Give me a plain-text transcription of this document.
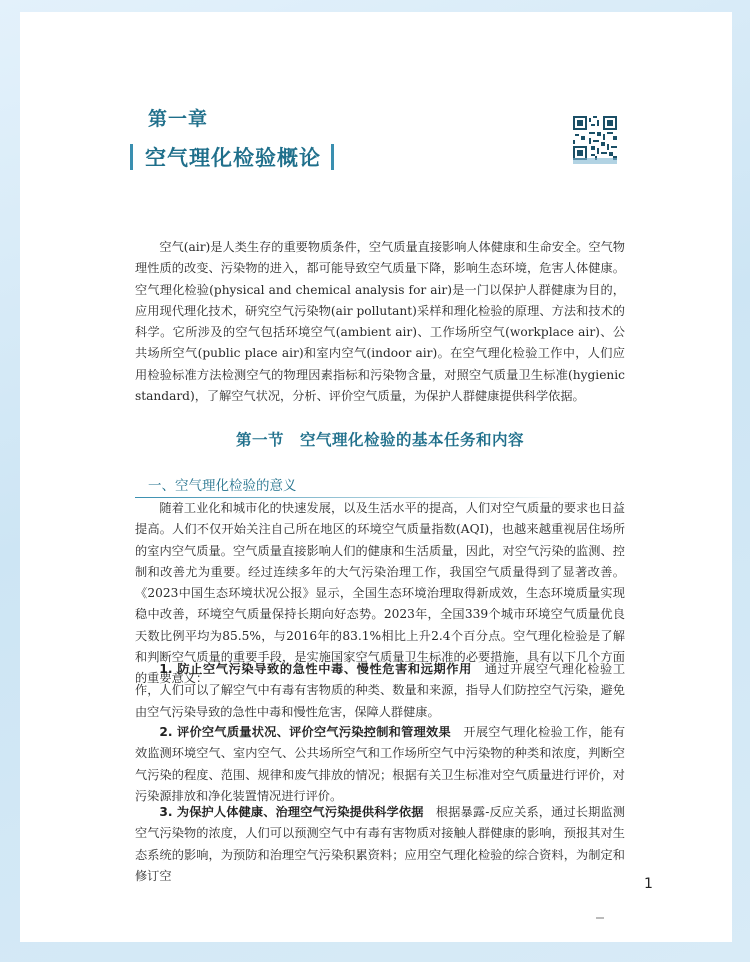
第一章
空气理化检验概论

空气(air)是人类生存的重要物质条件，空气质量直接影响人体健康和生命安全。空气物理性质的改变、污染物的进入，都可能导致空气质量下降，影响生态环境，危害人体健康。空气理化检验(physical and chemical analysis for air)是一门以保护人群健康为目的，应用现代理化技术，研究空气污染物(air pollutant)采样和理化检验的原理、方法和技术的科学。它所涉及的空气包括环境空气(ambient air)、工作场所空气(workplace air)、公共场所空气(public place air)和室内空气(indoor air)。在空气理化检验工作中，人们应用检验标准方法检测空气的物理因素指标和污染物含量，对照空气质量卫生标准(hygienic standard)，了解空气状况，分析、评价空气质量，为保护人群健康提供科学依据。

第一节　空气理化检验的基本任务和内容
一、空气理化检验的意义

随着工业化和城市化的快速发展，以及生活水平的提高，人们对空气质量的要求也日益提高。人们不仅开始关注自己所在地区的环境空气质量指数(AQI)，也越来越重视居住场所的室内空气质量。空气质量直接影响人们的健康和生活质量，因此，对空气污染的监测、控制和改善尤为重要。经过连续多年的大气污染治理工作，我国空气质量得到了显著改善。《2023中国生态环境状况公报》显示，全国生态环境治理取得新成效，生态环境质量实现稳中改善，环境空气质量保持长期向好态势。2023年，全国339个城市环境空气质量优良天数比例平均为85.5%，与2016年的83.1%相比上升2.4个百分点。空气理化检验是了解和判断空气质量的重要手段，是实施国家空气质量卫生标准的必要措施，具有以下几个方面的重要意义：

1. 防止空气污染导致的急性中毒、慢性危害和远期作用　通过开展空气理化检验工作，人们可以了解空气中有毒有害物质的种类、数量和来源，指导人们防控空气污染，避免由空气污染导致的急性中毒和慢性危害，保障人群健康。

2. 评价空气质量状况、评价空气污染控制和管理效果　开展空气理化检验工作，能有效监测环境空气、室内空气、公共场所空气和工作场所空气中污染物的种类和浓度，判断空气污染的程度、范围、规律和废气排放的情况；根据有关卫生标准对空气质量进行评价，对污染源排放和净化装置情况进行评价。

3. 为保护人体健康、治理空气污染提供科学依据　根据暴露-反应关系，通过长期监测空气污染物的浓度，人们可以预测空气中有毒有害物质对接触人群健康的影响，预报其对生态系统的影响，为预防和治理空气污染积累资料；应用空气理化检验的综合资料，为制定和修订空

1
